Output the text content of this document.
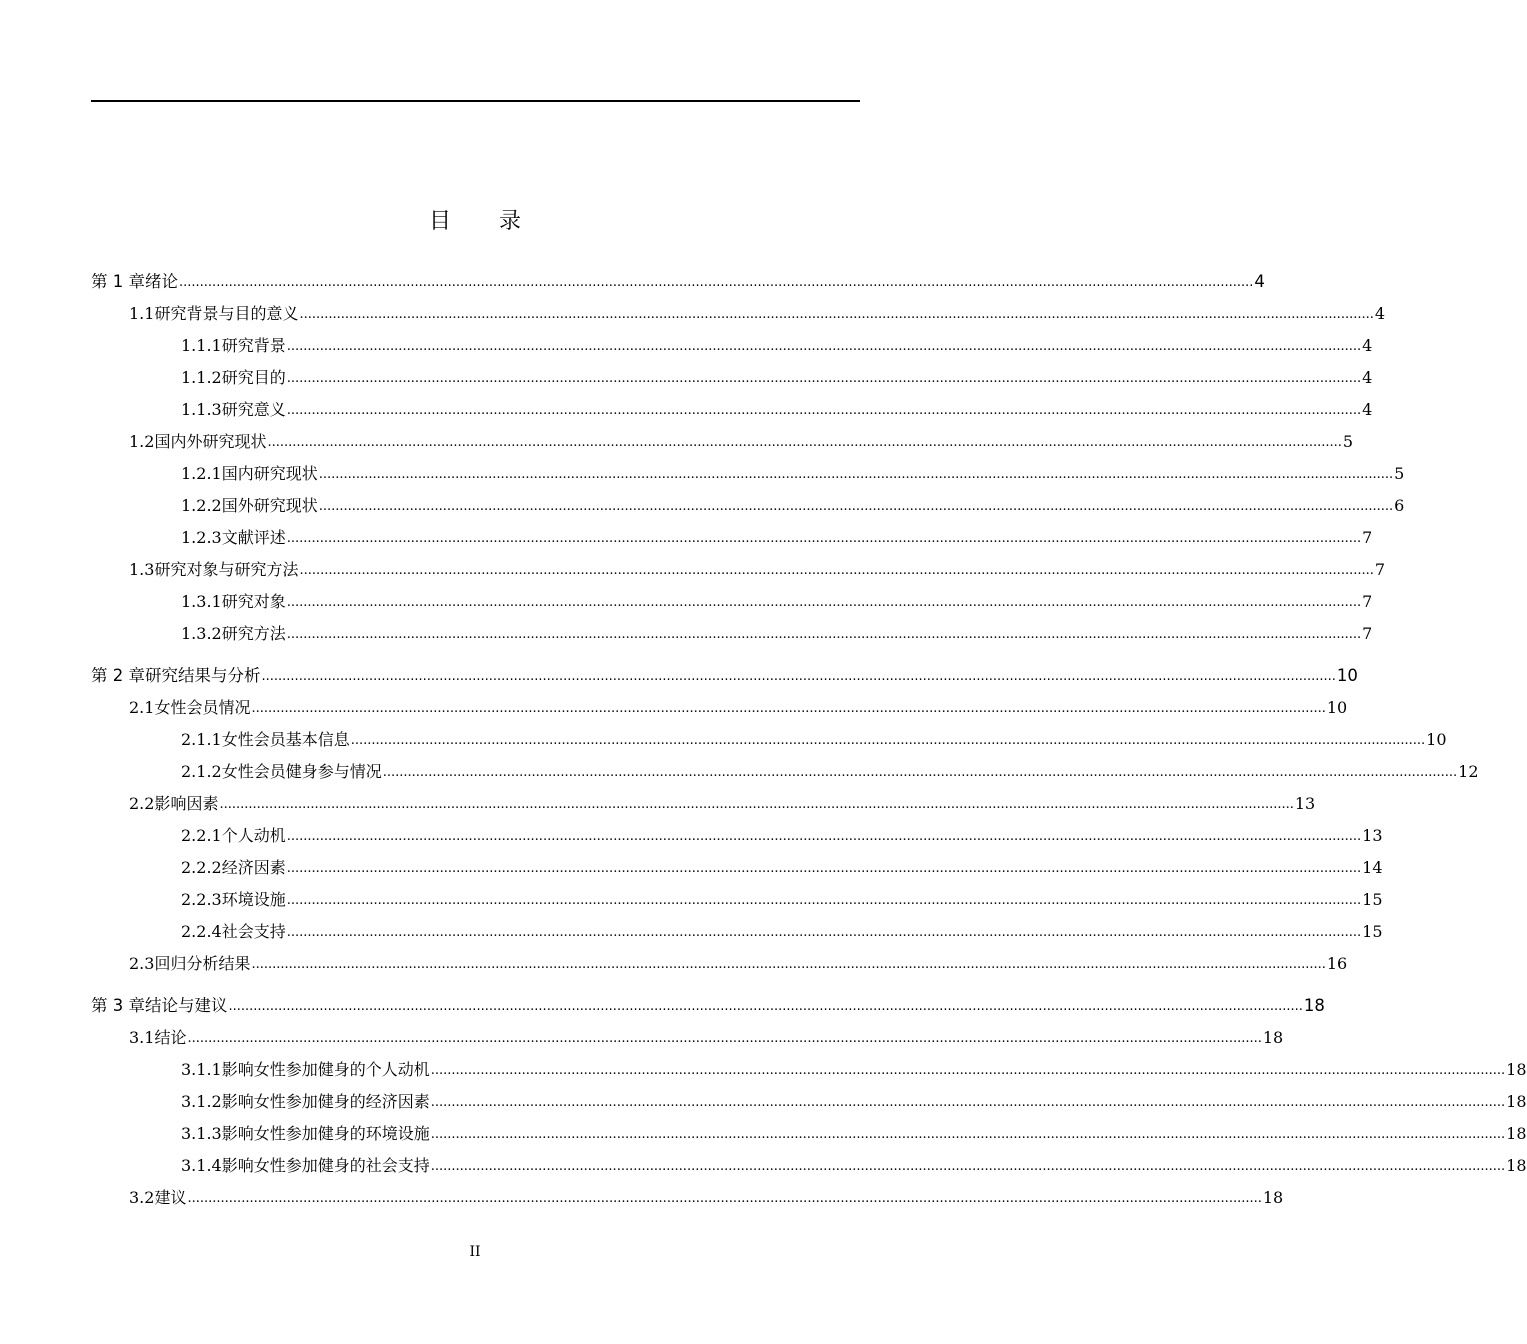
目 录
第 1 章 绪论 .................................................................................................................................................................................................................................................................... 4
1.1 研究背景与目的意义 .................................................................................................................................................................................................................................................................... 4
1.1.1 研究背景 .................................................................................................................................................................................................................................................................... 4
1.1.2 研究目的 .................................................................................................................................................................................................................................................................... 4
1.1.3 研究意义 .................................................................................................................................................................................................................................................................... 4
1.2 国内外研究现状 .................................................................................................................................................................................................................................................................... 5
1.2.1 国内研究现状 .................................................................................................................................................................................................................................................................... 5
1.2.2 国外研究现状 .................................................................................................................................................................................................................................................................... 6
1.2.3 文献评述 .................................................................................................................................................................................................................................................................... 7
1.3 研究对象与研究方法 .................................................................................................................................................................................................................................................................... 7
1.3.1 研究对象 .................................................................................................................................................................................................................................................................... 7
1.3.2 研究方法 .................................................................................................................................................................................................................................................................... 7
第 2 章 研究结果与分析 .................................................................................................................................................................................................................................................................... 10
2.1 女性会员情况 .................................................................................................................................................................................................................................................................... 10
2.1.1 女性会员基本信息 .................................................................................................................................................................................................................................................................... 10
2.1.2 女性会员健身参与情况 .................................................................................................................................................................................................................................................................... 12
2.2 影响因素 .................................................................................................................................................................................................................................................................... 13
2.2.1 个人动机 .................................................................................................................................................................................................................................................................... 13
2.2.2 经济因素 .................................................................................................................................................................................................................................................................... 14
2.2.3 环境设施 .................................................................................................................................................................................................................................................................... 15
2.2.4 社会支持 .................................................................................................................................................................................................................................................................... 15
2.3 回归分析结果 .................................................................................................................................................................................................................................................................... 16
第 3 章 结论与建议 .................................................................................................................................................................................................................................................................... 18
3.1 结论 .................................................................................................................................................................................................................................................................... 18
3.1.1 影响女性参加健身的个人动机 .................................................................................................................................................................................................................................................................... 18
3.1.2 影响女性参加健身的经济因素 .................................................................................................................................................................................................................................................................... 18
3.1.3 影响女性参加健身的环境设施 .................................................................................................................................................................................................................................................................... 18
3.1.4 影响女性参加健身的社会支持 .................................................................................................................................................................................................................................................................... 18
3.2 建议 .................................................................................................................................................................................................................................................................... 18
II
